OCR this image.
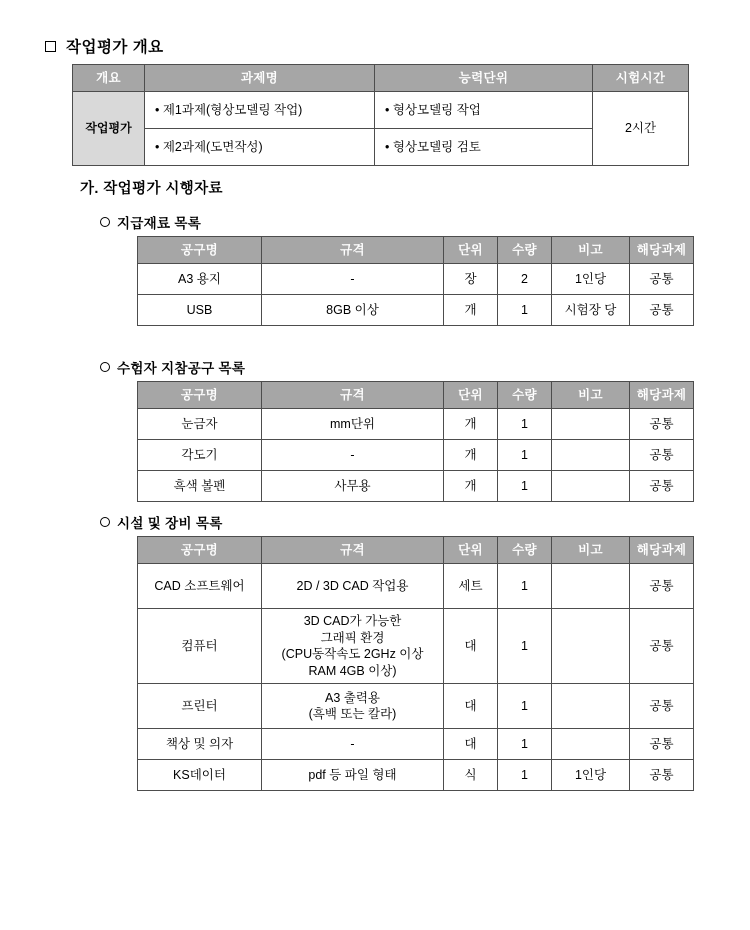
작업평가 개요
개요	과제명	능력단위	시험시간
작업평가	• 제1과제(형상모델링 작업)	• 형상모델링 작업	2시간
	• 제2과제(도면작성)	• 형상모델링 검토	
가. 작업평가 시행자료
지급재료 목록
공구명	규격	단위	수량	비고	해당과제
A3 용지	-	장	2	1인당	공통
USB	8GB 이상	개	1	시험장 당	공통
수험자 지참공구 목록
공구명	규격	단위	수량	비고	해당과제
눈금자	mm단위	개	1		공통
각도기	-	개	1		공통
흑색 볼펜	사무용	개	1		공통
시설 및 장비 목록
공구명	규격	단위	수량	비고	해당과제
CAD 소프트웨어	2D / 3D CAD 작업용	세트	1		공통
컴퓨터	3D CAD가 가능한
그래픽 환경
(CPU동작속도 2GHz 이상
RAM 4GB 이상)	대	1		공통
프린터	A3 출력용
(흑백 또는 칼라)	대	1		공통
책상 및 의자	-	대	1		공통
KS데이터	pdf 등 파일 형태	식	1	1인당	공통
